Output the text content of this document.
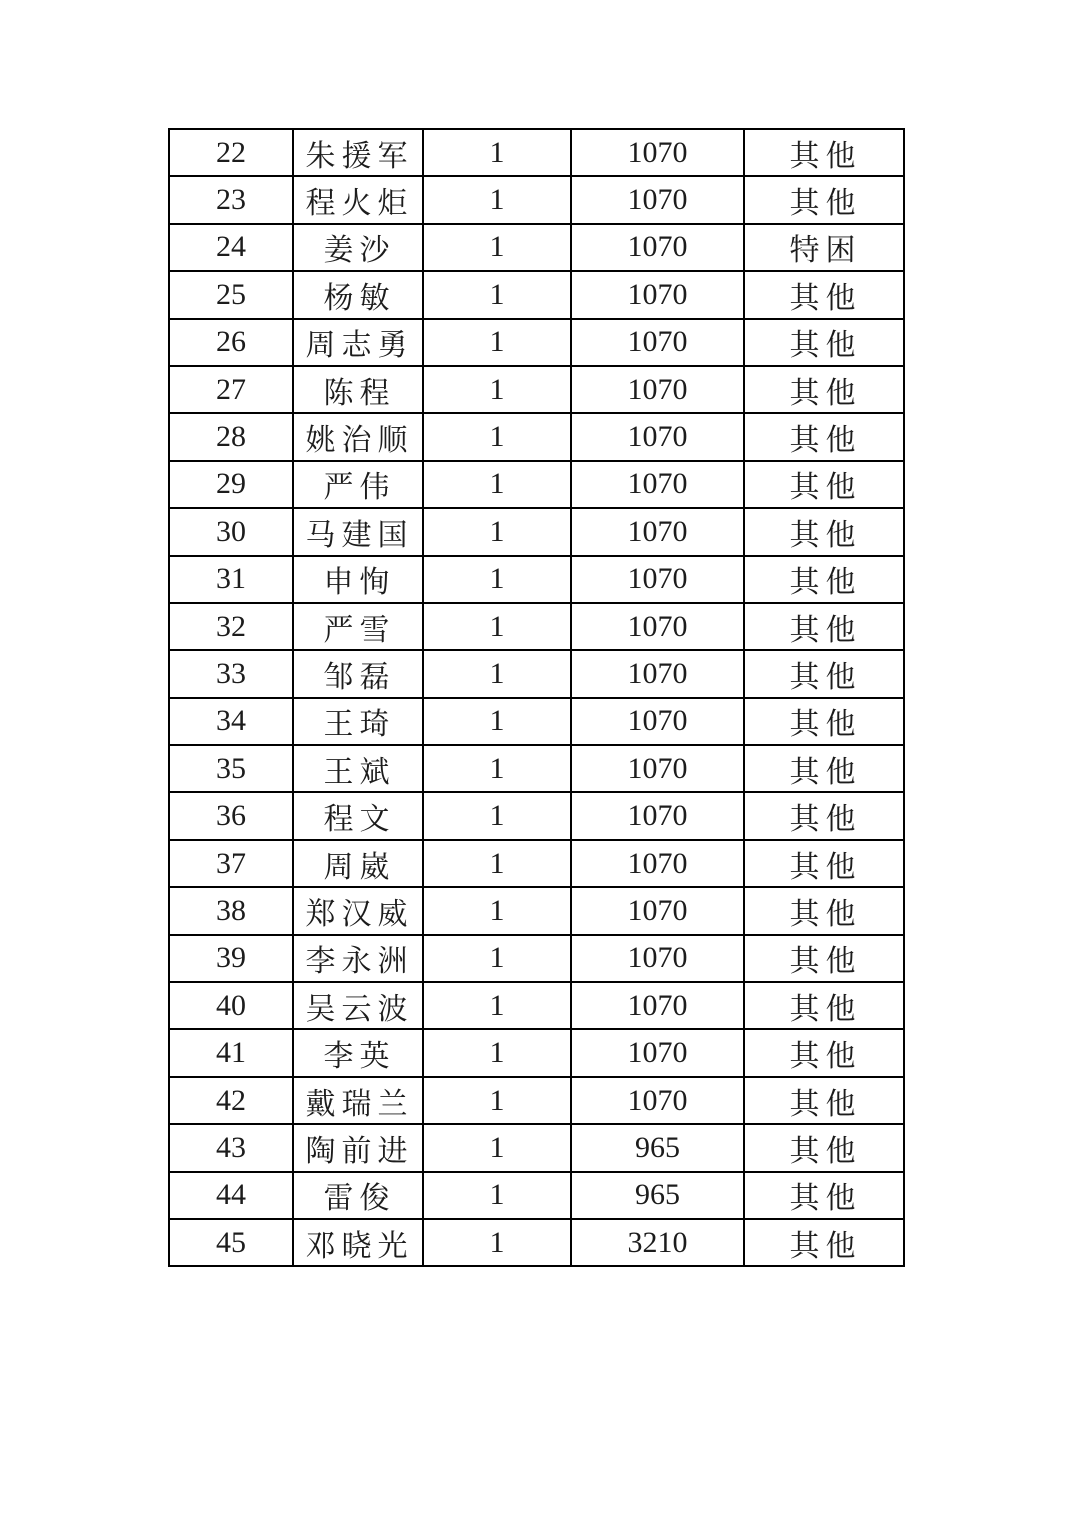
22	朱援军	1	1070	其他
23	程火炬	1	1070	其他
24	姜沙	1	1070	特困
25	杨敏	1	1070	其他
26	周志勇	1	1070	其他
27	陈程	1	1070	其他
28	姚治顺	1	1070	其他
29	严伟	1	1070	其他
30	马建国	1	1070	其他
31	申恂	1	1070	其他
32	严雪	1	1070	其他
33	邹磊	1	1070	其他
34	王琦	1	1070	其他
35	王斌	1	1070	其他
36	程文	1	1070	其他
37	周崴	1	1070	其他
38	郑汉威	1	1070	其他
39	李永洲	1	1070	其他
40	吴云波	1	1070	其他
41	李英	1	1070	其他
42	戴瑞兰	1	1070	其他
43	陶前进	1	965	其他
44	雷俊	1	965	其他
45	邓晓光	1	3210	其他
